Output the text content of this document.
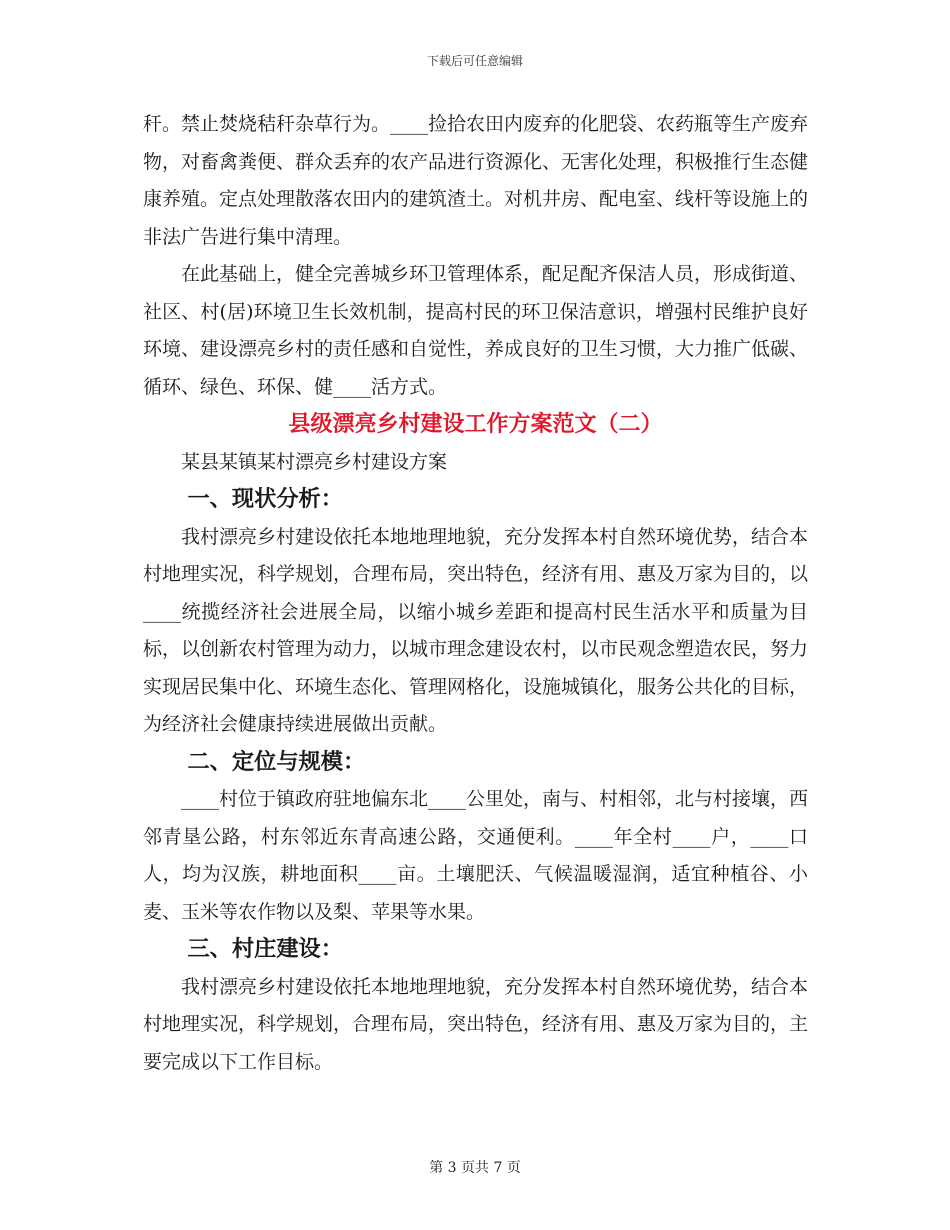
下载后可任意编辑

秆。禁止焚烧秸秆杂草行为。____捡拾农田内废弃的化肥袋、农药瓶等生产废弃物，对畜禽粪便、群众丢弃的农产品进行资源化、无害化处理，积极推行生态健康养殖。定点处理散落农田内的建筑渣土。对机井房、配电室、线杆等设施上的非法广告进行集中清理。

在此基础上，健全完善城乡环卫管理体系，配足配齐保洁人员，形成街道、社区、村(居)环境卫生长效机制，提高村民的环卫保洁意识，增强村民维护良好环境、建设漂亮乡村的责任感和自觉性，养成良好的卫生习惯，大力推广低碳、循环、绿色、环保、健____活方式。

县级漂亮乡村建设工作方案范文（二）

某县某镇某村漂亮乡村建设方案

一、现状分析：

我村漂亮乡村建设依托本地地理地貌，充分发挥本村自然环境优势，结合本村地理实况，科学规划，合理布局，突出特色，经济有用、惠及万家为目的，以____统揽经济社会进展全局，以缩小城乡差距和提高村民生活水平和质量为目标，以创新农村管理为动力，以城市理念建设农村，以市民观念塑造农民，努力实现居民集中化、环境生态化、管理网格化，设施城镇化，服务公共化的目标，为经济社会健康持续进展做出贡献。

二、定位与规模：

____村位于镇政府驻地偏东北____公里处，南与、村相邻，北与村接壤，西邻青垦公路，村东邻近东青高速公路，交通便利。____年全村____户，____口人，均为汉族，耕地面积____亩。土壤肥沃、气候温暖湿润，适宜种植谷、小麦、玉米等农作物以及梨、苹果等水果。

三、村庄建设：

我村漂亮乡村建设依托本地地理地貌，充分发挥本村自然环境优势，结合本村地理实况，科学规划，合理布局，突出特色，经济有用、惠及万家为目的，主要完成以下工作目标。

第 3 页共 7 页
